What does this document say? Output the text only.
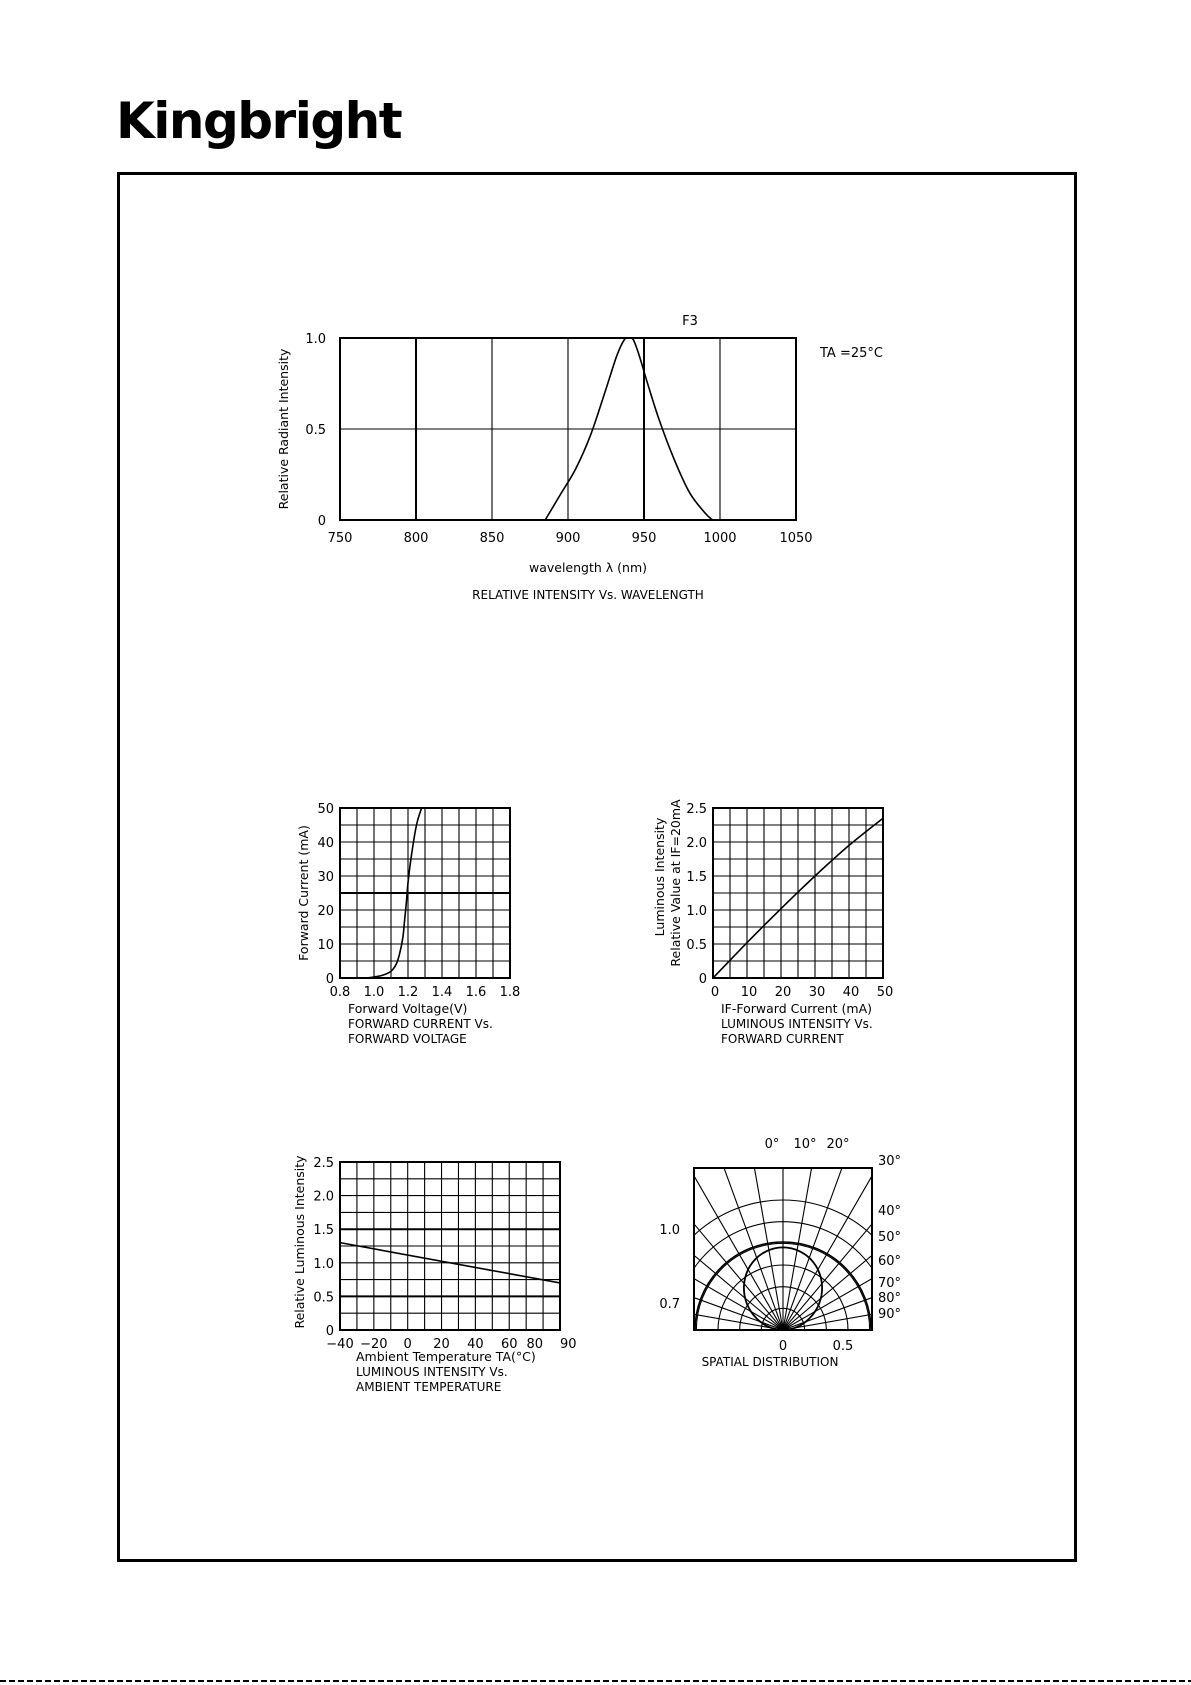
Kingbright
750	800	850	900	950	1000	1050
0
0.5
1.0
F3
TA =25°C
Relative Radiant Intensity
wavelength λ (nm)
RELATIVE INTENSITY Vs. WAVELENGTH
0.8 1.0 1.2 1.4 1.6 1.8
0
10
20
30
40
50
Forward Current (mA)
Forward Voltage(V)
FORWARD CURRENT Vs.
FORWARD VOLTAGE
0 10 20 30 40 50
0
0.5
1.0
1.5
2.0
2.5
Luminous Intensity Relative Value at IF=20mA
IF-Forward Current (mA)
LUMINOUS INTENSITY Vs.
FORWARD CURRENT
−40 −20 0 20 40 60 80 90
0
0.5
1.0
1.5
2.0
2.5
Relative Luminous Intensity
Ambient Temperature TA(°C)
LUMINOUS INTENSITY Vs.
AMBIENT TEMPERATURE
0° 10° 20°
30°
40°
50°
60°
70°
80°
90°
1.0
0.7
0	0.5
SPATIAL DISTRIBUTION
